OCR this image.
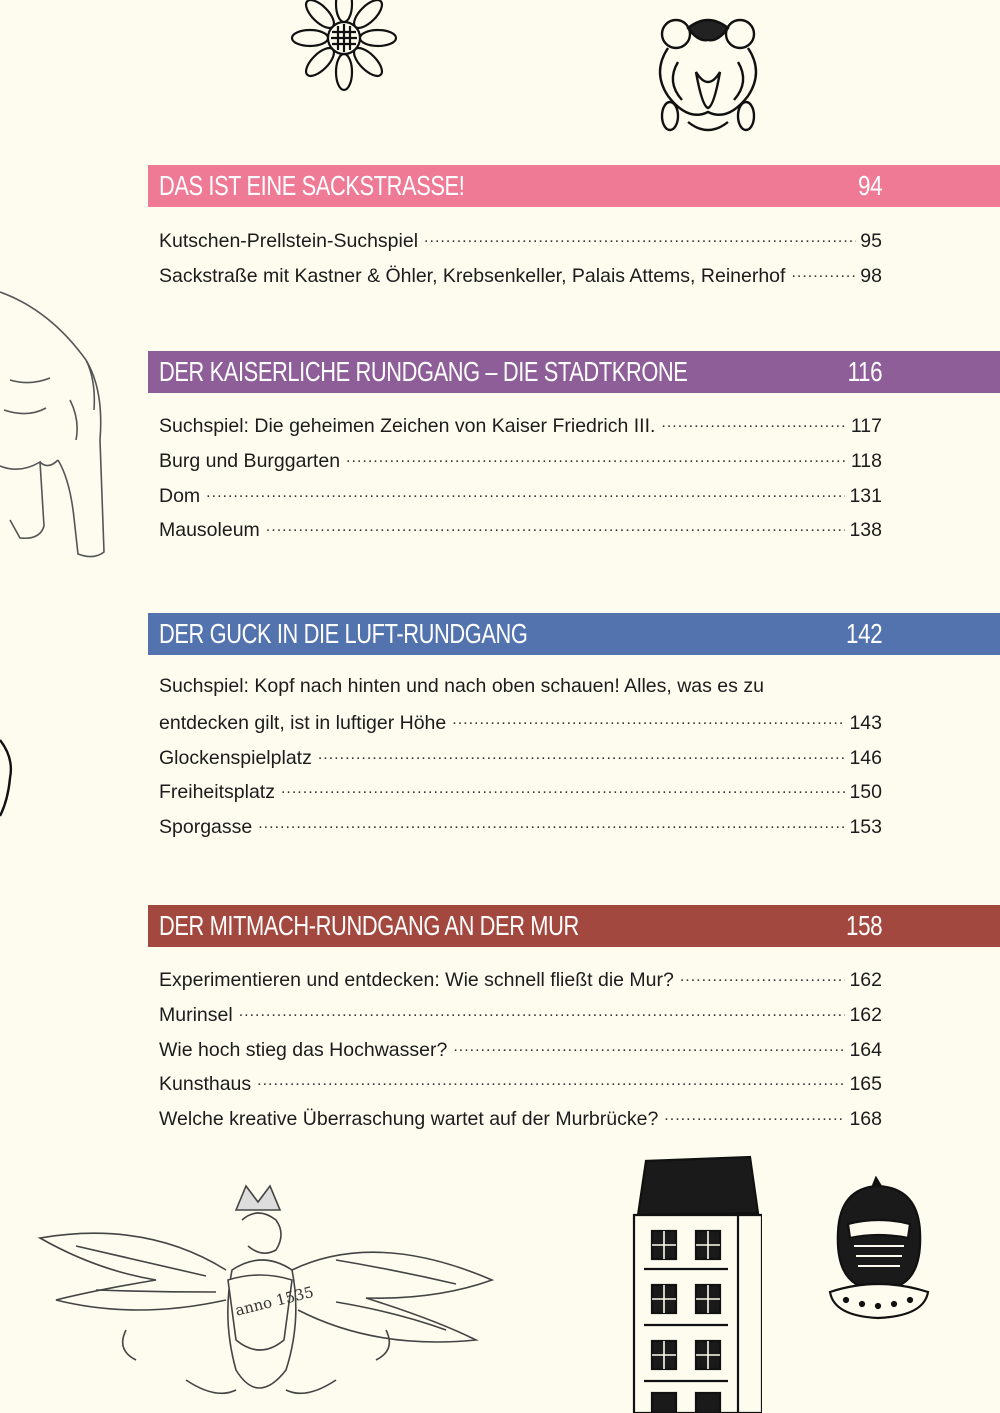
anno 1535
DAS IST EINE SACKSTRASSE!	94
Kutschen-Prellstein-Suchspiel .....	95
Sackstraße mit Kastner & Öhler, Krebsenkeller, Palais Attems, Reinerhof .....	98
DER KAISERLICHE RUNDGANG – DIE STADTKRONE	116
Suchspiel: Die geheimen Zeichen von Kaiser Friedrich III. .....	117
Burg und Burggarten .....	118
Dom .....	131
Mausoleum .....	138
DER GUCK IN DIE LUFT-RUNDGANG	142
Suchspiel: Kopf nach hinten und nach oben schauen! Alles, was es zu
entdecken gilt, ist in luftiger Höhe .....	143
Glockenspielplatz .....	146
Freiheitsplatz .....	150
Sporgasse .....	153
DER MITMACH-RUNDGANG AN DER MUR	158
Experimentieren und entdecken: Wie schnell fließt die Mur? .....	162
Murinsel .....	162
Wie hoch stieg das Hochwasser? .....	164
Kunsthaus .....	165
Welche kreative Überraschung wartet auf der Murbrücke? .....	168
